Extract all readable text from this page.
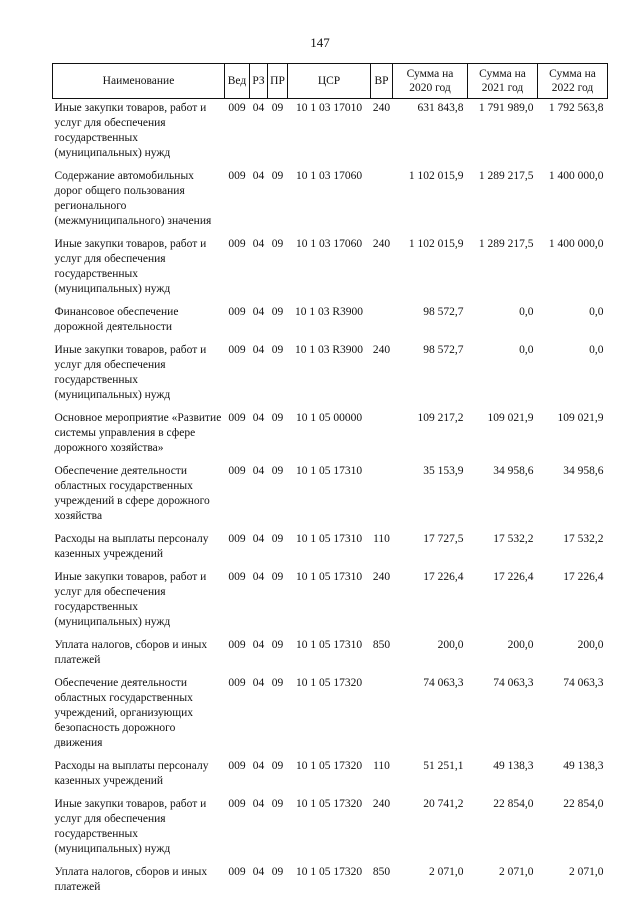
147
Наименование	Вед	РЗ	ПР	ЦСР	ВР	Сумма на 2020 год	Сумма на 2021 год	Сумма на 2022 год
Иные закупки товаров, работ и услуг для обеспечения государственных (муниципальных) нужд	009	04	09	10 1 03 17010	240	631 843,8	1 791 989,0	1 792 563,8
Содержание автомобильных дорог общего пользования регионального (межмуниципального) значения	009	04	09	10 1 03 17060		1 102 015,9	1 289 217,5	1 400 000,0
Иные закупки товаров, работ и услуг для обеспечения государственных (муниципальных) нужд	009	04	09	10 1 03 17060	240	1 102 015,9	1 289 217,5	1 400 000,0
Финансовое обеспечение дорожной деятельности	009	04	09	10 1 03 R3900		98 572,7	0,0	0,0
Иные закупки товаров, работ и услуг для обеспечения государственных (муниципальных) нужд	009	04	09	10 1 03 R3900	240	98 572,7	0,0	0,0
Основное мероприятие «Развитие системы управления в сфере дорожного хозяйства»	009	04	09	10 1 05 00000		109 217,2	109 021,9	109 021,9
Обеспечение деятельности областных государственных учреждений в сфере дорожного хозяйства	009	04	09	10 1 05 17310		35 153,9	34 958,6	34 958,6
Расходы на выплаты персоналу казенных учреждений	009	04	09	10 1 05 17310	110	17 727,5	17 532,2	17 532,2
Иные закупки товаров, работ и услуг для обеспечения государственных (муниципальных) нужд	009	04	09	10 1 05 17310	240	17 226,4	17 226,4	17 226,4
Уплата налогов, сборов и иных платежей	009	04	09	10 1 05 17310	850	200,0	200,0	200,0
Обеспечение деятельности областных государственных учреждений, организующих безопасность дорожного движения	009	04	09	10 1 05 17320		74 063,3	74 063,3	74 063,3
Расходы на выплаты персоналу казенных учреждений	009	04	09	10 1 05 17320	110	51 251,1	49 138,3	49 138,3
Иные закупки товаров, работ и услуг для обеспечения государственных (муниципальных) нужд	009	04	09	10 1 05 17320	240	20 741,2	22 854,0	22 854,0
Уплата налогов, сборов и иных платежей	009	04	09	10 1 05 17320	850	2 071,0	2 071,0	2 071,0
